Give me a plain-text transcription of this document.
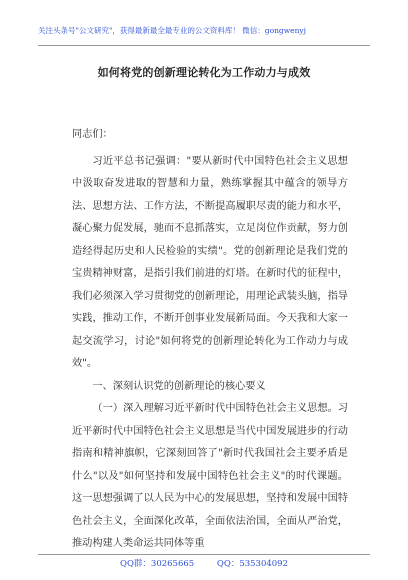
关注头条号"公文研究"，获得最新最全最专业的公文资料库！ 微信：gongwenyj
如何将党的创新理论转化为工作动力与成效

同志们：

习近平总书记强调："要从新时代中国特色社会主义思想中汲取奋发进取的智慧和力量，熟练掌握其中蕴含的领导方法、思想方法、工作方法，不断提高履职尽责的能力和水平，凝心聚力促发展，驰而不息抓落实，立足岗位作贡献，努力创造经得起历史和人民检验的实绩"。党的创新理论是我们党的宝贵精神财富，是指引我们前进的灯塔。在新时代的征程中，我们必须深入学习贯彻党的创新理论，用理论武装头脑，指导实践，推动工作，不断开创事业发展新局面。今天我和大家一起交流学习，讨论"如何将党的创新理论转化为工作动力与成效"。

一、深刻认识党的创新理论的核心要义

（一）深入理解习近平新时代中国特色社会主义思想。习近平新时代中国特色社会主义思想是当代中国发展进步的行动指南和精神旗帜，它深刻回答了"新时代我国社会主要矛盾是什么"以及"如何坚持和发展中国特色社会主义"的时代课题。这一思想强调了以人民为中心的发展思想，坚持和发展中国特色社会主义，全面深化改革，全面依法治国，全面从严治党，推动构建人类命运共同体等重

QQ群：30265665	QQ：535304092
